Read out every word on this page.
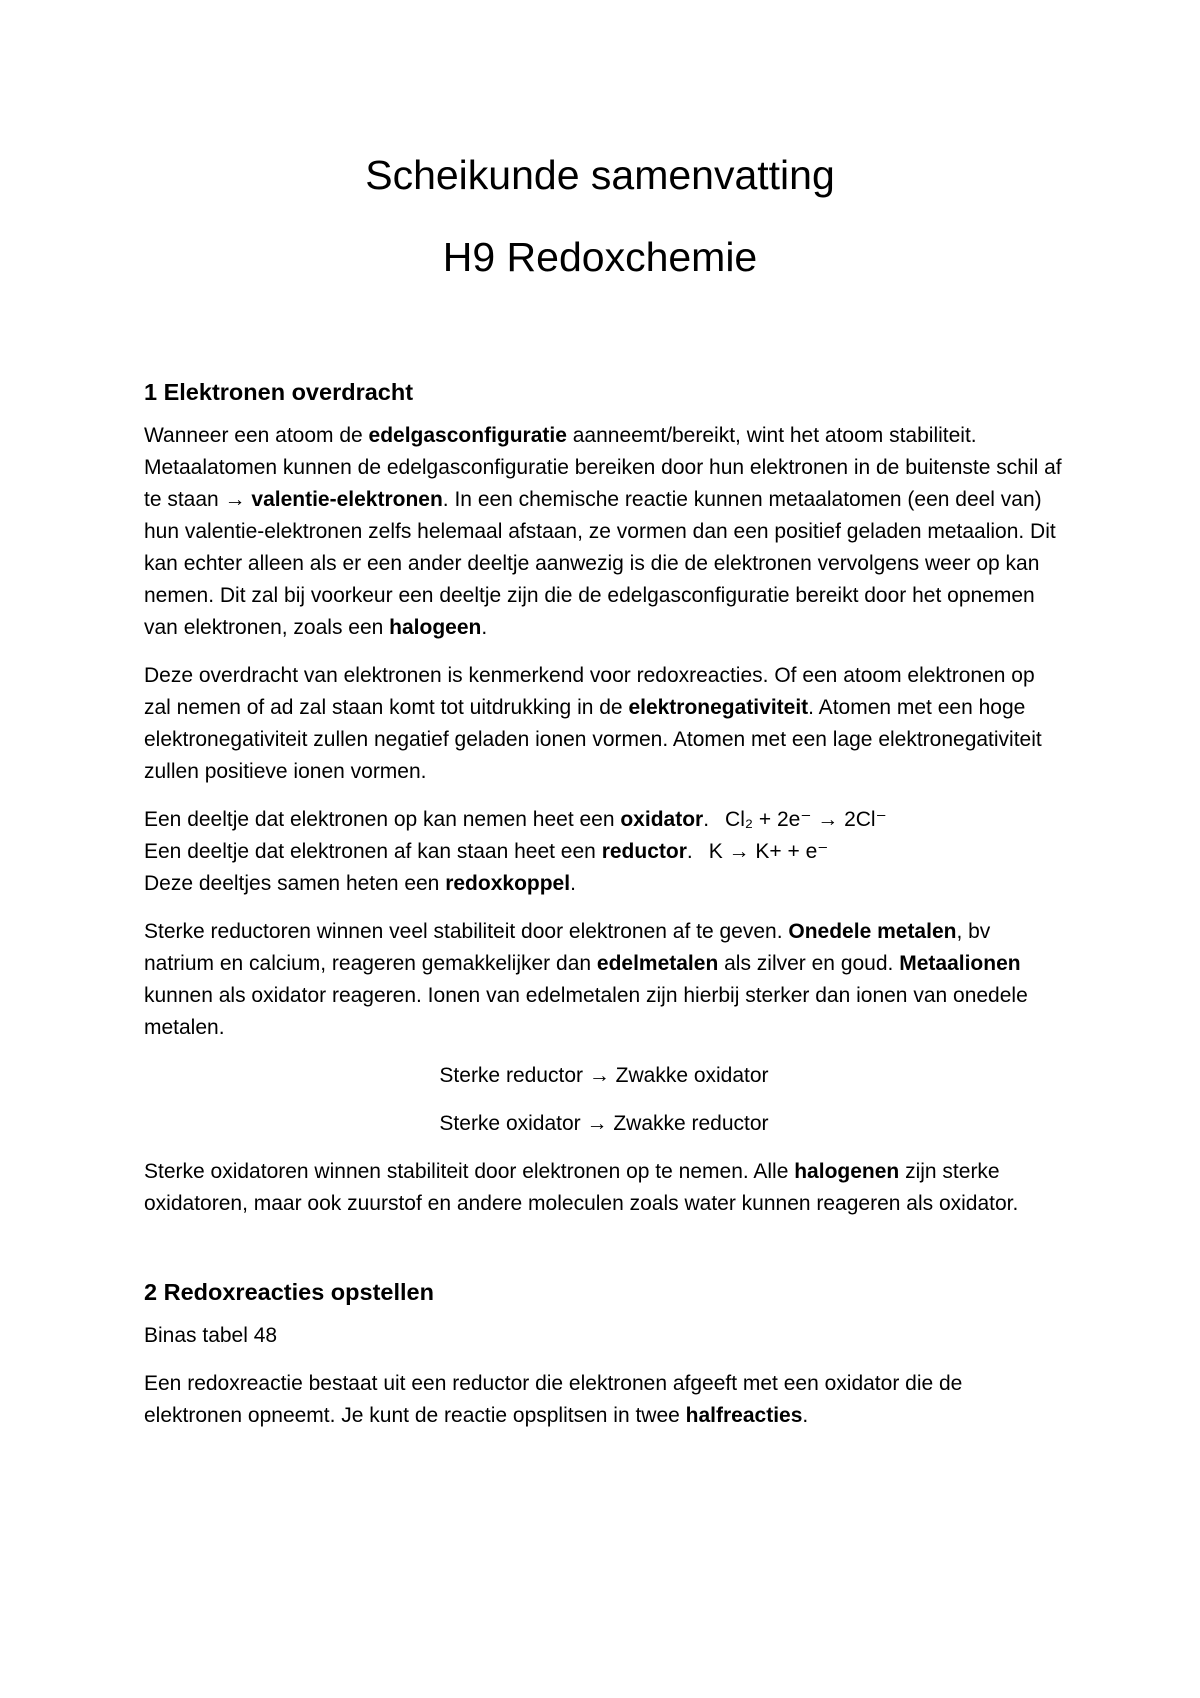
Scheikunde samenvatting
H9 Redoxchemie
1 Elektronen overdracht

Wanneer een atoom de edelgasconfiguratie aanneemt/bereikt, wint het atoom stabiliteit. Metaalatomen kunnen de edelgasconfiguratie bereiken door hun elektronen in de buitenste schil af te staan → valentie-elektronen. In een chemische reactie kunnen metaalatomen (een deel van) hun valentie-elektronen zelfs helemaal afstaan, ze vormen dan een positief geladen metaalion. Dit kan echter alleen als er een ander deeltje aanwezig is die de elektronen vervolgens weer op kan nemen. Dit zal bij voorkeur een deeltje zijn die de edelgasconfiguratie bereikt door het opnemen van elektronen, zoals een halogeen.

Deze overdracht van elektronen is kenmerkend voor redoxreacties. Of een atoom elektronen op zal nemen of ad zal staan komt tot uitdrukking in de elektronegativiteit. Atomen met een hoge elektronegativiteit zullen negatief geladen ionen vormen. Atomen met een lage elektronegativiteit zullen positieve ionen vormen.

Een deeltje dat elektronen op kan nemen heet een oxidator. Cl₂ + 2e⁻ → 2Cl⁻

Een deeltje dat elektronen af kan staan heet een reductor. K → K+ + e⁻

Deze deeltjes samen heten een redoxkoppel.

Sterke reductoren winnen veel stabiliteit door elektronen af te geven. Onedele metalen, bv natrium en calcium, reageren gemakkelijker dan edelmetalen als zilver en goud. Metaalionen kunnen als oxidator reageren. Ionen van edelmetalen zijn hierbij sterker dan ionen van onedele metalen.

Sterke reductor → Zwakke oxidator

Sterke oxidator → Zwakke reductor

Sterke oxidatoren winnen stabiliteit door elektronen op te nemen. Alle halogenen zijn sterke oxidatoren, maar ook zuurstof en andere moleculen zoals water kunnen reageren als oxidator.

2 Redoxreacties opstellen

Binas tabel 48

Een redoxreactie bestaat uit een reductor die elektronen afgeeft met een oxidator die de elektronen opneemt. Je kunt de reactie opsplitsen in twee halfreacties.
